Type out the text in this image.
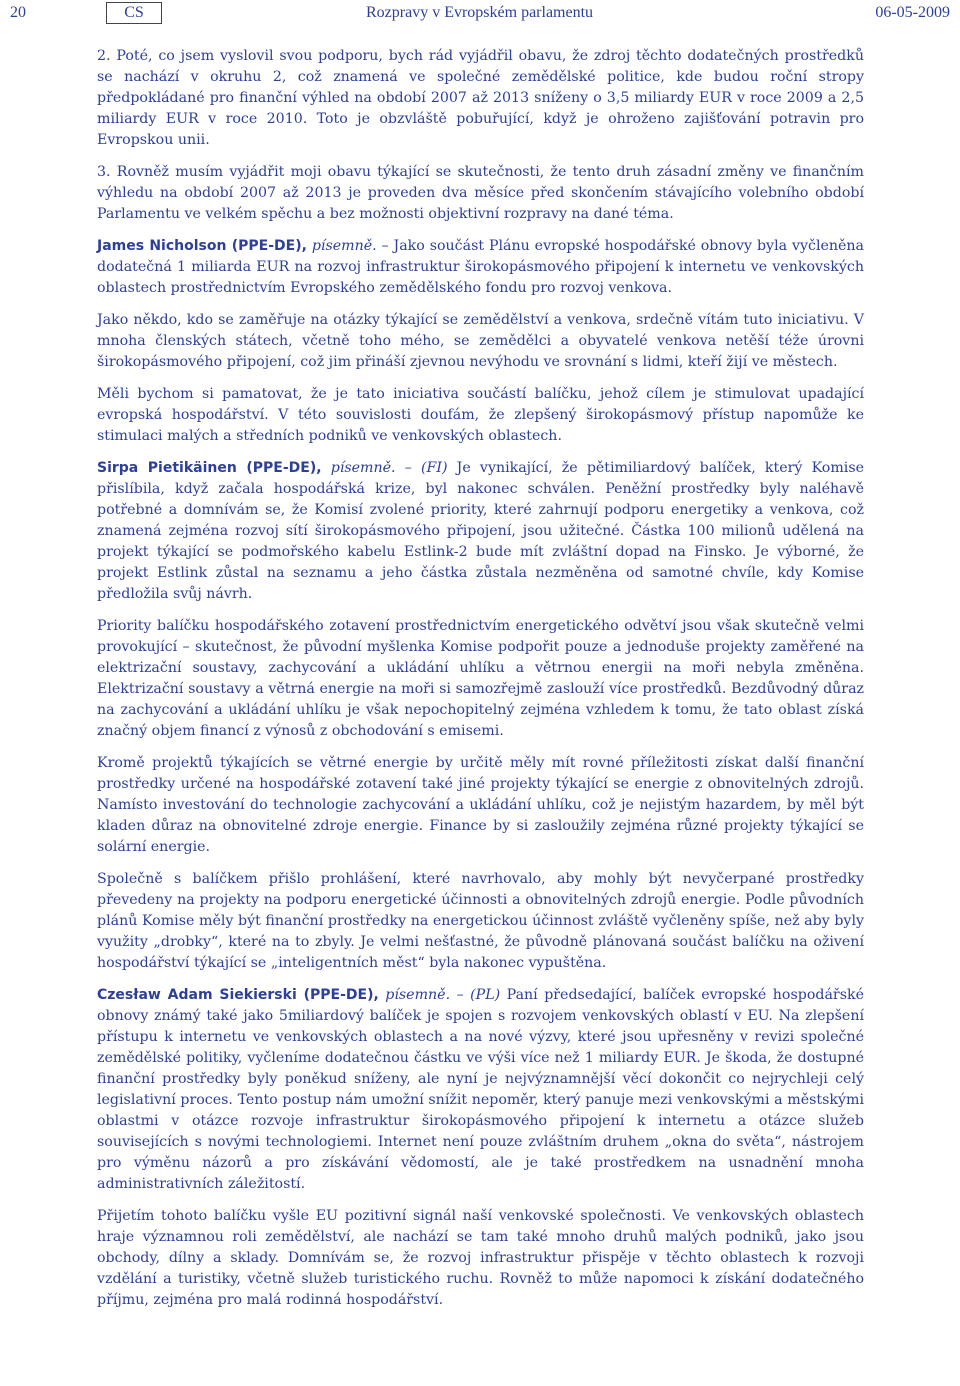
20	CS	Rozpravy v Evropském parlamentu	06-05-2009

2. Poté, co jsem vyslovil svou podporu, bych rád vyjádřil obavu, že zdroj těchto dodatečných prostředků se nachází v okruhu 2, což znamená ve společné zemědělské politice, kde budou roční stropy předpokládané pro finanční výhled na období 2007 až 2013 sníženy o 3,5 miliardy EUR v roce 2009 a 2,5 miliardy EUR v roce 2010. Toto je obzvláště pobuřující, když je ohroženo zajišťování potravin pro Evropskou unii.

3. Rovněž musím vyjádřit moji obavu týkající se skutečnosti, že tento druh zásadní změny ve finančním výhledu na období 2007 až 2013 je proveden dva měsíce před skončením stávajícího volebního období Parlamentu ve velkém spěchu a bez možnosti objektivní rozpravy na dané téma.

James Nicholson (PPE-DE), písemně. – Jako součást Plánu evropské hospodářské obnovy byla vyčleněna dodatečná 1 miliarda EUR na rozvoj infrastruktur širokopásmového připojení k internetu ve venkovských oblastech prostřednictvím Evropského zemědělského fondu pro rozvoj venkova.

Jako někdo, kdo se zaměřuje na otázky týkající se zemědělství a venkova, srdečně vítám tuto iniciativu. V mnoha členských státech, včetně toho mého, se zemědělci a obyvatelé venkova netěší téže úrovni širokopásmového připojení, což jim přináší zjevnou nevýhodu ve srovnání s lidmi, kteří žijí ve městech.

Měli bychom si pamatovat, že je tato iniciativa součástí balíčku, jehož cílem je stimulovat upadající evropská hospodářství. V této souvislosti doufám, že zlepšený širokopásmový přístup napomůže ke stimulaci malých a středních podniků ve venkovských oblastech.

Sirpa Pietikäinen (PPE-DE), písemně. – (FI) Je vynikající, že pětimiliardový balíček, který Komise přislíbila, když začala hospodářská krize, byl nakonec schválen. Peněžní prostředky byly naléhavě potřebné a domnívám se, že Komisí zvolené priority, které zahrnují podporu energetiky a venkova, což znamená zejména rozvoj sítí širokopásmového připojení, jsou užitečné. Částka 100 milionů udělená na projekt týkající se podmořského kabelu Estlink-2 bude mít zvláštní dopad na Finsko. Je výborné, že projekt Estlink zůstal na seznamu a jeho částka zůstala nezměněna od samotné chvíle, kdy Komise předložila svůj návrh.

Priority balíčku hospodářského zotavení prostřednictvím energetického odvětví jsou však skutečně velmi provokující – skutečnost, že původní myšlenka Komise podpořit pouze a jednoduše projekty zaměřené na elektrizační soustavy, zachycování a ukládání uhlíku a větrnou energii na moři nebyla změněna. Elektrizační soustavy a větrná energie na moři si samozřejmě zaslouží více prostředků. Bezdůvodný důraz na zachycování a ukládání uhlíku je však nepochopitelný zejména vzhledem k tomu, že tato oblast získá značný objem financí z výnosů z obchodování s emisemi.

Kromě projektů týkajících se větrné energie by určitě měly mít rovné příležitosti získat další finanční prostředky určené na hospodářské zotavení také jiné projekty týkající se energie z obnovitelných zdrojů. Namísto investování do technologie zachycování a ukládání uhlíku, což je nejistým hazardem, by měl být kladen důraz na obnovitelné zdroje energie. Finance by si zasloužily zejména různé projekty týkající se solární energie.

Společně s balíčkem přišlo prohlášení, které navrhovalo, aby mohly být nevyčerpané prostředky převedeny na projekty na podporu energetické účinnosti a obnovitelných zdrojů energie. Podle původních plánů Komise měly být finanční prostředky na energetickou účinnost zvláště vyčleněny spíše, než aby byly využity „drobky“, které na to zbyly. Je velmi nešťastné, že původně plánovaná součást balíčku na oživení hospodářství týkající se „inteligentních měst“ byla nakonec vypuštěna.

Czesław Adam Siekierski (PPE-DE), písemně. – (PL) Paní předsedající, balíček evropské hospodářské obnovy známý také jako 5miliardový balíček je spojen s rozvojem venkovských oblastí v EU. Na zlepšení přístupu k internetu ve venkovských oblastech a na nové výzvy, které jsou upřesněny v revizi společné zemědělské politiky, vyčleníme dodatečnou částku ve výši více než 1 miliardy EUR. Je škoda, že dostupné finanční prostředky byly poněkud sníženy, ale nyní je nejvýznamnější věcí dokončit co nejrychleji celý legislativní proces. Tento postup nám umožní snížit nepoměr, který panuje mezi venkovskými a městskými oblastmi v otázce rozvoje infrastruktur širokopásmového připojení k internetu a otázce služeb souvisejících s novými technologiemi. Internet není pouze zvláštním druhem „okna do světa“, nástrojem pro výměnu názorů a pro získávání vědomostí, ale je také prostředkem na usnadnění mnoha administrativních záležitostí.

Přijetím tohoto balíčku vyšle EU pozitivní signál naší venkovské společnosti. Ve venkovských oblastech hraje významnou roli zemědělství, ale nachází se tam také mnoho druhů malých podniků, jako jsou obchody, dílny a sklady. Domnívám se, že rozvoj infrastruktur přispěje v těchto oblastech k rozvoji vzdělání a turistiky, včetně služeb turistického ruchu. Rovněž to může napomoci k získání dodatečného příjmu, zejména pro malá rodinná hospodářství.
